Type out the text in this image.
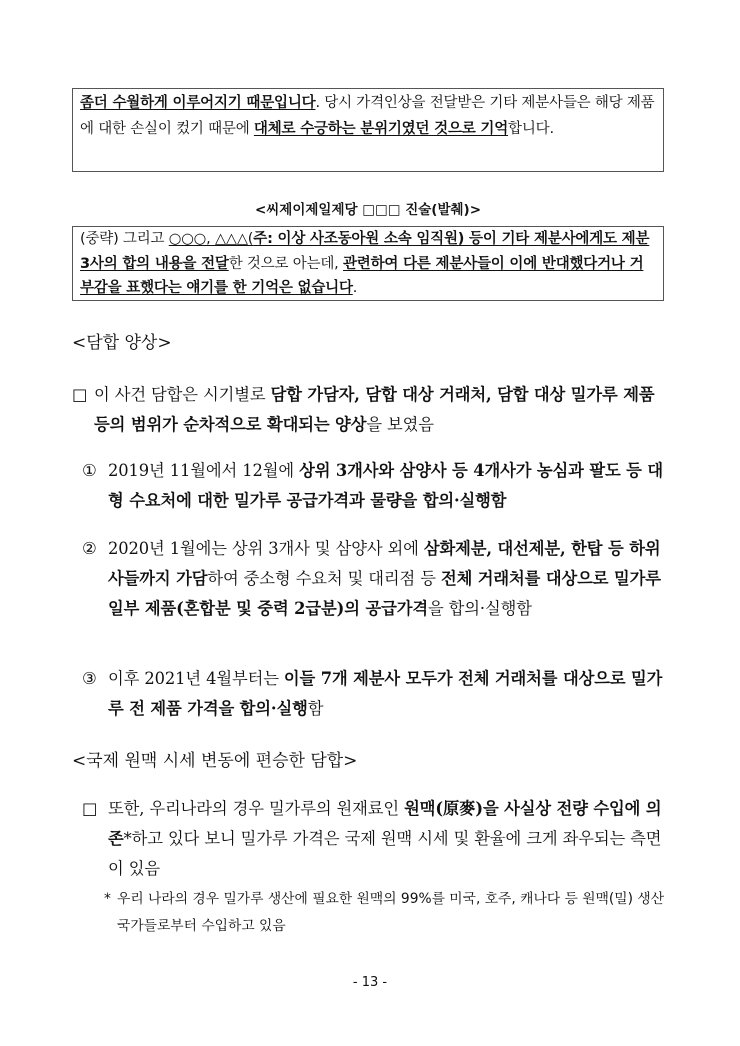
좀더 수월하게 이루어지기 때문입니다. 당시 가격인상을 전달받은 기타 제분사들은 해당 제품에 대한 손실이 컸기 때문에 대체로 수긍하는 분위기였던 것으로 기억합니다.
<씨제이제일제당 □□□ 진술(발췌)>
(중략) 그리고 ○○○, △△△(주: 이상 사조동아원 소속 임직원) 등이 기타 제분사에게도 제분 3사의 합의 내용을 전달한 것으로 아는데, 관련하여 다른 제분사들이 이에 반대했다거나 거부감을 표했다는 얘기를 한 기억은 없습니다.
<담합 양상>
□ 이 사건 담합은 시기별로 담합 가담자, 담합 대상 거래처, 담합 대상 밀가루 제품 등의 범위가 순차적으로 확대되는 양상을 보였음
① 2019년 11월에서 12월에 상위 3개사와 삼양사 등 4개사가 농심과 팔도 등 대형 수요처에 대한 밀가루 공급가격과 물량을 합의·실행함
② 2020년 1월에는 상위 3개사 및 삼양사 외에 삼화제분, 대선제분, 한탑 등 하위사들까지 가담하여 중소형 수요처 및 대리점 등 전체 거래처를 대상으로 밀가루 일부 제품(혼합분 및 중력 2급분)의 공급가격을 합의·실행함
③ 이후 2021년 4월부터는 이들 7개 제분사 모두가 전체 거래처를 대상으로 밀가루 전 제품 가격을 합의·실행함
<국제 원맥 시세 변동에 편승한 담합>
□ 또한, 우리나라의 경우 밀가루의 원재료인 원맥(原麥)을 사실상 전량 수입에 의존*하고 있다 보니 밀가루 가격은 국제 원맥 시세 및 환율에 크게 좌우되는 측면이 있음
* 우리 나라의 경우 밀가루 생산에 필요한 원맥의 99%를 미국, 호주, 캐나다 등 원맥(밀) 생산 국가들로부터 수입하고 있음
- 13 -
